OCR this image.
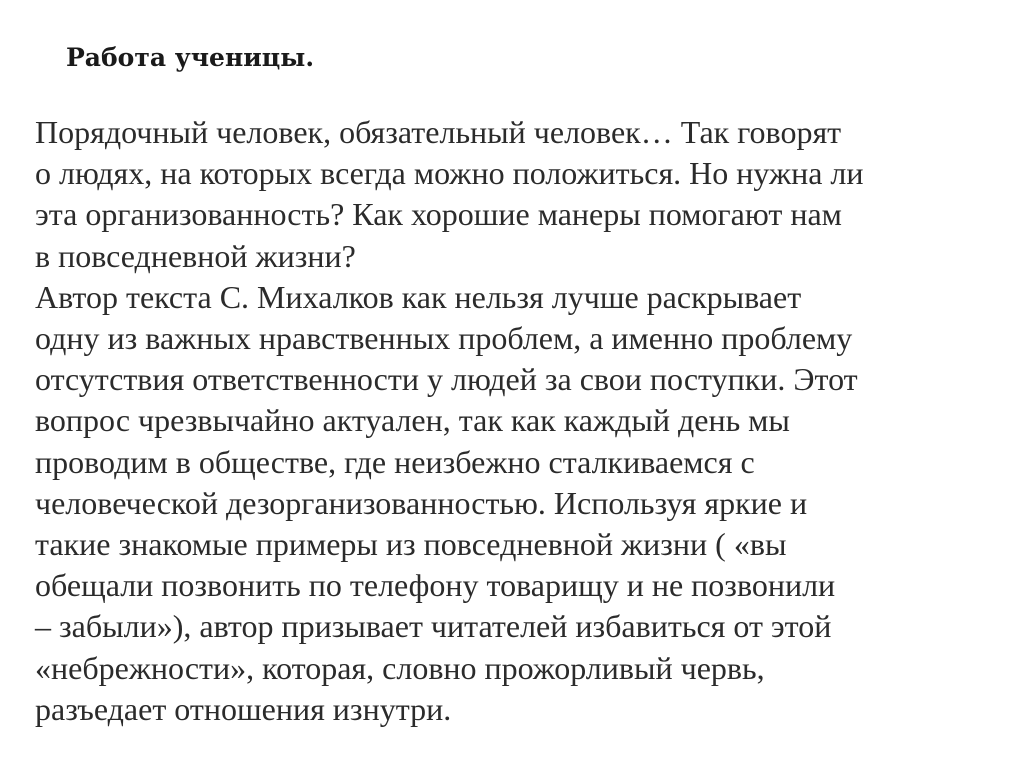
Работа ученицы.
Порядочный человек, обязательный человек… Так говорят
о людях, на которых всегда можно положиться. Но нужна ли
эта организованность? Как хорошие манеры помогают нам
в повседневной жизни?
Автор текста С. Михалков как нельзя лучше раскрывает
одну из важных нравственных проблем, а именно проблему
отсутствия ответственности у людей за свои поступки. Этот
вопрос чрезвычайно актуален, так как каждый день мы
проводим в обществе, где неизбежно сталкиваемся с
человеческой дезорганизованностью. Используя яркие и
такие знакомые примеры из повседневной жизни ( «вы
обещали позвонить по телефону товарищу и не позвонили
– забыли»), автор призывает читателей избавиться от этой
«небрежности», которая, словно прожорливый червь,
разъедает отношения изнутри.
